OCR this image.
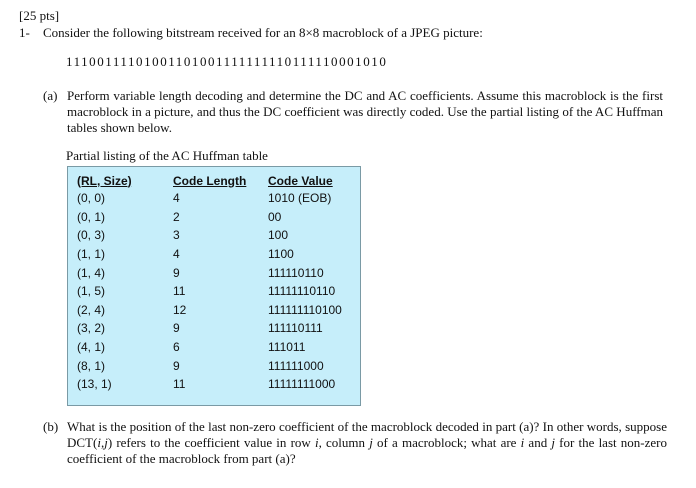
[25 pts]
1- Consider the following bitstream received for an 8×8 macroblock of a JPEG picture:
11100111101001101001111111110111110001010
(a) Perform variable length decoding and determine the DC and AC coefficients. Assume this macroblock is the first macroblock in a picture, and thus the DC coefficient was directly coded. Use the partial listing of the AC Huffman tables shown below.
Partial listing of the AC Huffman table
(RL, Size)	Code Length	Code Value
(0, 0)	4	1010 (EOB)
(0, 1)	2	00
(0, 3)	3	100
(1, 1)	4	1100
(1, 4)	9	111110110
(1, 5)	11	11111110110
(2, 4)	12	111111110100
(3, 2)	9	111110111
(4, 1)	6	111011
(8, 1)	9	111111000
(13, 1)	11	11111111000
(b) What is the position of the last non-zero coefficient of the macroblock decoded in part (a)? In other words, suppose DCT(i,j) refers to the coefficient value in row i, column j of a macroblock; what are i and j for the last non-zero coefficient of the macroblock from part (a)?
